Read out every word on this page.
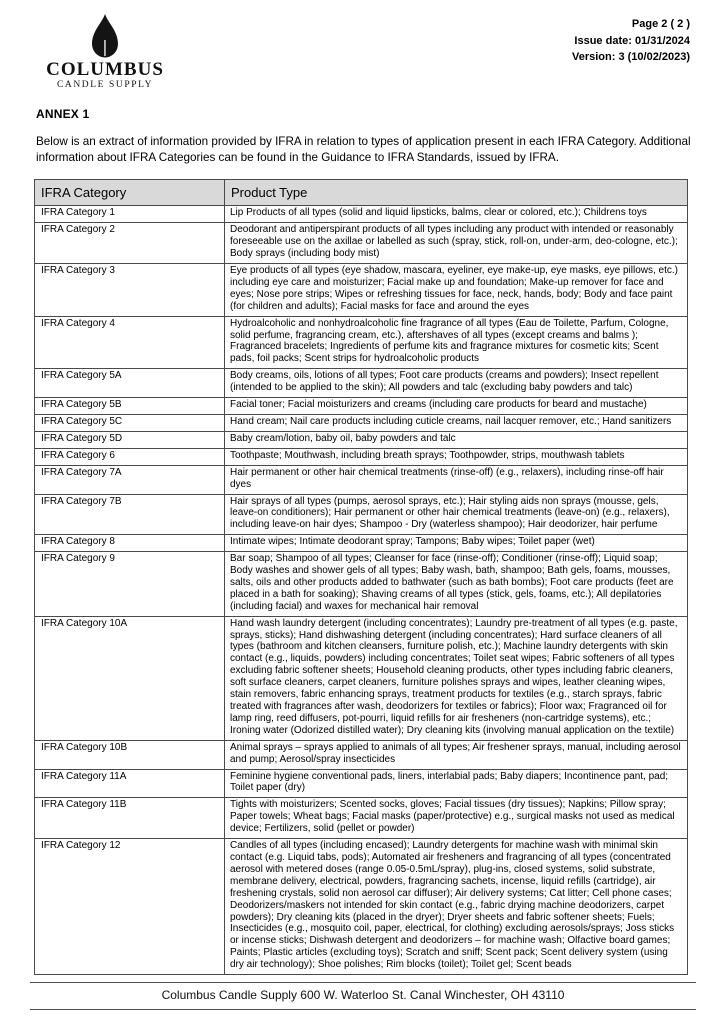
COLUMBUS
CANDLE SUPPLY
Page 2 ( 2 )
Issue date: 01/31/2024
Version: 3 (10/02/2023)
ANNEX 1

Below is an extract of information provided by IFRA in relation to types of application present in each IFRA Category. Additional information about IFRA Categories can be found in the Guidance to IFRA Standards, issued by IFRA.

IFRA Category	Product Type
IFRA Category 1	Lip Products of all types (solid and liquid lipsticks, balms, clear or colored, etc.); Childrens toys
IFRA Category 2	Deodorant and antiperspirant products of all types including any product with intended or reasonably foreseeable use on the axillae or labelled as such (spray, stick, roll-on, under-arm, deo-cologne, etc.); Body sprays (including body mist)
IFRA Category 3	Eye products of all types (eye shadow, mascara, eyeliner, eye make-up, eye masks, eye pillows, etc.) including eye care and moisturizer; Facial make up and foundation; Make-up remover for face and eyes; Nose pore strips; Wipes or refreshing tissues for face, neck, hands, body; Body and face paint (for children and adults); Facial masks for face and around the eyes
IFRA Category 4	Hydroalcoholic and nonhydroalcoholic fine fragrance of all types (Eau de Toilette, Parfum, Cologne, solid perfume, fragrancing cream, etc.), aftershaves of all types (except creams and balms ); Fragranced bracelets; Ingredients of perfume kits and fragrance mixtures for cosmetic kits; Scent pads, foil packs; Scent strips for hydroalcoholic products
IFRA Category 5A	Body creams, oils, lotions of all types; Foot care products (creams and powders); Insect repellent (intended to be applied to the skin); All powders and talc (excluding baby powders and talc)
IFRA Category 5B	Facial toner; Facial moisturizers and creams (including care products for beard and mustache)
IFRA Category 5C	Hand cream; Nail care products including cuticle creams, nail lacquer remover, etc.; Hand sanitizers
IFRA Category 5D	Baby cream/lotion, baby oil, baby powders and talc
IFRA Category 6	Toothpaste; Mouthwash, including breath sprays; Toothpowder, strips, mouthwash tablets
IFRA Category 7A	Hair permanent or other hair chemical treatments (rinse-off) (e.g., relaxers), including rinse-off hair dyes
IFRA Category 7B	Hair sprays of all types (pumps, aerosol sprays, etc.); Hair styling aids non sprays (mousse, gels, leave-on conditioners); Hair permanent or other hair chemical treatments (leave-on) (e.g., relaxers), including leave-on hair dyes; Shampoo - Dry (waterless shampoo); Hair deodorizer, hair perfume
IFRA Category 8	Intimate wipes; Intimate deodorant spray; Tampons; Baby wipes; Toilet paper (wet)
IFRA Category 9	Bar soap; Shampoo of all types; Cleanser for face (rinse-off); Conditioner (rinse-off); Liquid soap; Body washes and shower gels of all types; Baby wash, bath, shampoo; Bath gels, foams, mousses, salts, oils and other products added to bathwater (such as bath bombs); Foot care products (feet are placed in a bath for soaking); Shaving creams of all types (stick, gels, foams, etc.); All depilatories (including facial) and waxes for mechanical hair removal
IFRA Category 10A	Hand wash laundry detergent (including concentrates); Laundry pre-treatment of all types (e.g. paste, sprays, sticks); Hand dishwashing detergent (including concentrates); Hard surface cleaners of all types (bathroom and kitchen cleansers, furniture polish, etc.); Machine laundry detergents with skin contact (e.g., liquids, powders) including concentrates; Toilet seat wipes; Fabric softeners of all types excluding fabric softener sheets; Household cleaning products, other types including fabric cleaners, soft surface cleaners, carpet cleaners, furniture polishes sprays and wipes, leather cleaning wipes, stain removers, fabric enhancing sprays, treatment products for textiles (e.g., starch sprays, fabric treated with fragrances after wash, deodorizers for textiles or fabrics); Floor wax; Fragranced oil for lamp ring, reed diffusers, pot-pourri, liquid refills for air fresheners (non-cartridge systems), etc.; Ironing water (Odorized distilled water); Dry cleaning kits (involving manual application on the textile)
IFRA Category 10B	Animal sprays – sprays applied to animals of all types; Air freshener sprays, manual, including aerosol and pump; Aerosol/spray insecticides
IFRA Category 11A	Feminine hygiene conventional pads, liners, interlabial pads; Baby diapers; Incontinence pant, pad; Toilet paper (dry)
IFRA Category 11B	Tights with moisturizers; Scented socks, gloves; Facial tissues (dry tissues); Napkins; Pillow spray; Paper towels; Wheat bags; Facial masks (paper/protective) e.g., surgical masks not used as medical device; Fertilizers, solid (pellet or powder)
IFRA Category 12	Candles of all types (including encased); Laundry detergents for machine wash with minimal skin contact (e.g. Liquid tabs, pods); Automated air fresheners and fragrancing of all types (concentrated aerosol with metered doses (range 0.05-0.5mL/spray), plug-ins, closed systems, solid substrate, membrane delivery, electrical, powders, fragrancing sachets, incense, liquid refills (cartridge), air freshening crystals, solid non aerosol car diffuser); Air delivery systems; Cat litter; Cell phone cases; Deodorizers/maskers not intended for skin contact (e.g., fabric drying machine deodorizers, carpet powders); Dry cleaning kits (placed in the dryer); Dryer sheets and fabric softener sheets; Fuels; Insecticides (e.g., mosquito coil, paper, electrical, for clothing) excluding aerosols/sprays; Joss sticks or incense sticks; Dishwash detergent and deodorizers – for machine wash; Olfactive board games; Paints; Plastic articles (excluding toys); Scratch and sniff; Scent pack; Scent delivery system (using dry air technology); Shoe polishes; Rim blocks (toilet); Toilet gel; Scent beads
Columbus Candle Supply 600 W. Waterloo St. Canal Winchester, OH 43110
